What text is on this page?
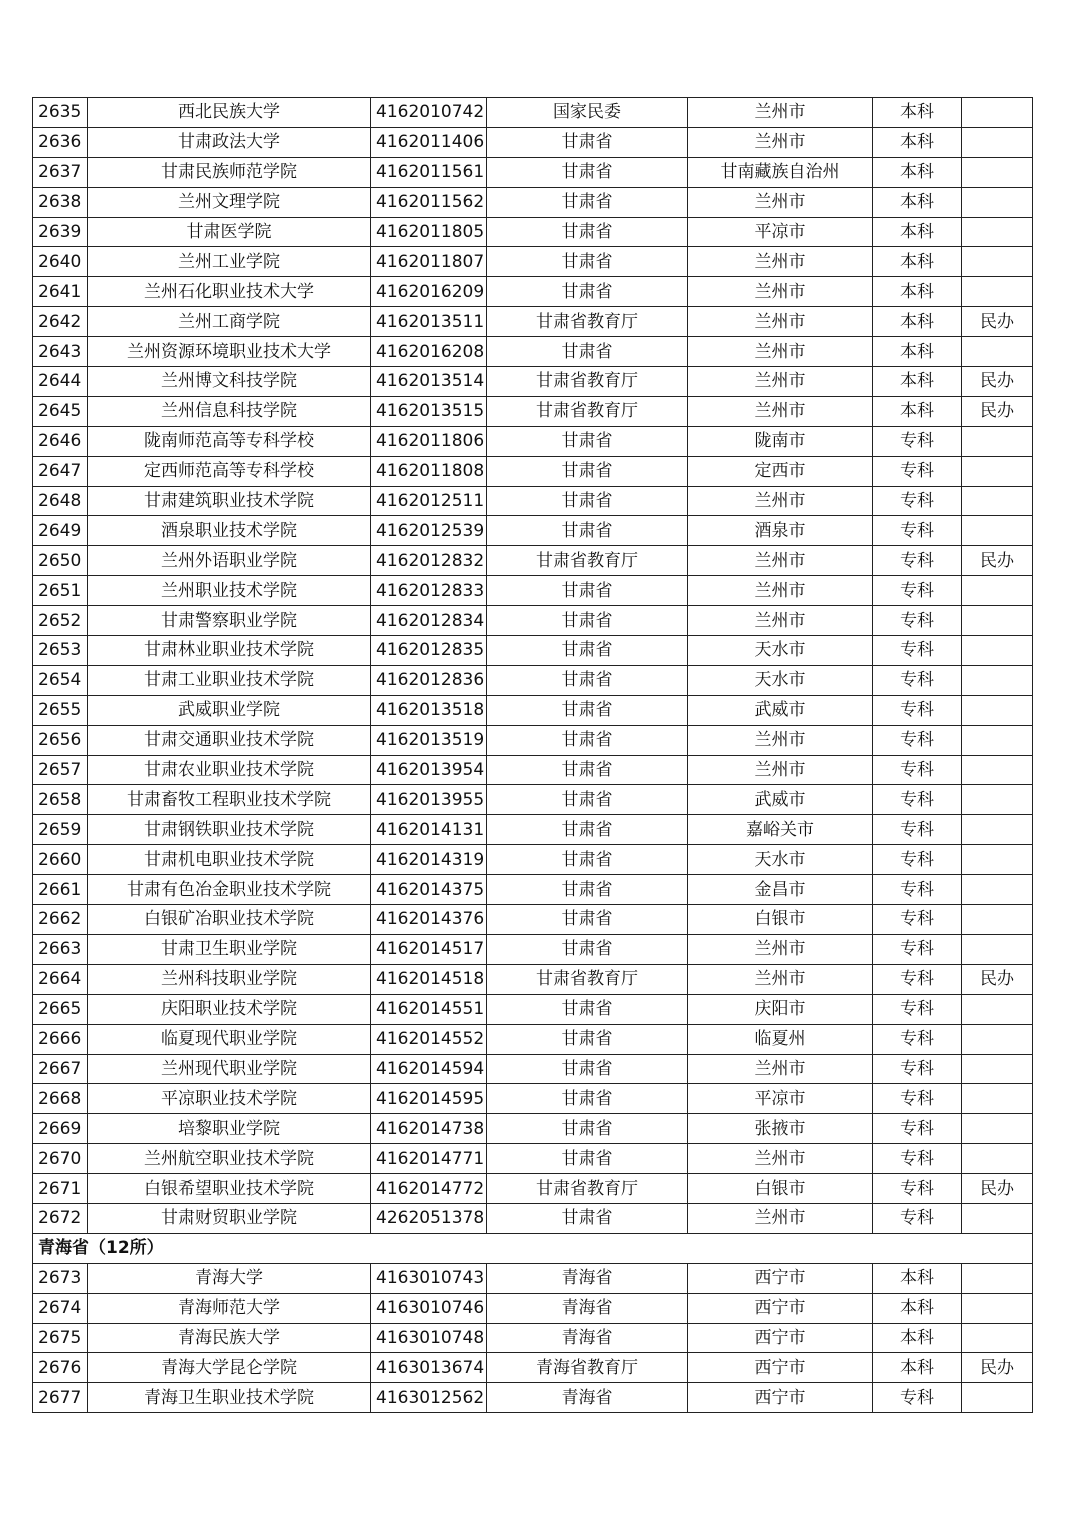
2635	西北民族大学	4162010742	国家民委	兰州市	本科	
2636	甘肃政法大学	4162011406	甘肃省	兰州市	本科	
2637	甘肃民族师范学院	4162011561	甘肃省	甘南藏族自治州	本科	
2638	兰州文理学院	4162011562	甘肃省	兰州市	本科	
2639	甘肃医学院	4162011805	甘肃省	平凉市	本科	
2640	兰州工业学院	4162011807	甘肃省	兰州市	本科	
2641	兰州石化职业技术大学	4162016209	甘肃省	兰州市	本科	
2642	兰州工商学院	4162013511	甘肃省教育厅	兰州市	本科	民办
2643	兰州资源环境职业技术大学	4162016208	甘肃省	兰州市	本科	
2644	兰州博文科技学院	4162013514	甘肃省教育厅	兰州市	本科	民办
2645	兰州信息科技学院	4162013515	甘肃省教育厅	兰州市	本科	民办
2646	陇南师范高等专科学校	4162011806	甘肃省	陇南市	专科	
2647	定西师范高等专科学校	4162011808	甘肃省	定西市	专科	
2648	甘肃建筑职业技术学院	4162012511	甘肃省	兰州市	专科	
2649	酒泉职业技术学院	4162012539	甘肃省	酒泉市	专科	
2650	兰州外语职业学院	4162012832	甘肃省教育厅	兰州市	专科	民办
2651	兰州职业技术学院	4162012833	甘肃省	兰州市	专科	
2652	甘肃警察职业学院	4162012834	甘肃省	兰州市	专科	
2653	甘肃林业职业技术学院	4162012835	甘肃省	天水市	专科	
2654	甘肃工业职业技术学院	4162012836	甘肃省	天水市	专科	
2655	武威职业学院	4162013518	甘肃省	武威市	专科	
2656	甘肃交通职业技术学院	4162013519	甘肃省	兰州市	专科	
2657	甘肃农业职业技术学院	4162013954	甘肃省	兰州市	专科	
2658	甘肃畜牧工程职业技术学院	4162013955	甘肃省	武威市	专科	
2659	甘肃钢铁职业技术学院	4162014131	甘肃省	嘉峪关市	专科	
2660	甘肃机电职业技术学院	4162014319	甘肃省	天水市	专科	
2661	甘肃有色冶金职业技术学院	4162014375	甘肃省	金昌市	专科	
2662	白银矿冶职业技术学院	4162014376	甘肃省	白银市	专科	
2663	甘肃卫生职业学院	4162014517	甘肃省	兰州市	专科	
2664	兰州科技职业学院	4162014518	甘肃省教育厅	兰州市	专科	民办
2665	庆阳职业技术学院	4162014551	甘肃省	庆阳市	专科	
2666	临夏现代职业学院	4162014552	甘肃省	临夏州	专科	
2667	兰州现代职业学院	4162014594	甘肃省	兰州市	专科	
2668	平凉职业技术学院	4162014595	甘肃省	平凉市	专科	
2669	培黎职业学院	4162014738	甘肃省	张掖市	专科	
2670	兰州航空职业技术学院	4162014771	甘肃省	兰州市	专科	
2671	白银希望职业技术学院	4162014772	甘肃省教育厅	白银市	专科	民办
2672	甘肃财贸职业学院	4262051378	甘肃省	兰州市	专科	
青海省（12所）						
2673	青海大学	4163010743	青海省	西宁市	本科	
2674	青海师范大学	4163010746	青海省	西宁市	本科	
2675	青海民族大学	4163010748	青海省	西宁市	本科	
2676	青海大学昆仑学院	4163013674	青海省教育厅	西宁市	本科	民办
2677	青海卫生职业技术学院	4163012562	青海省	西宁市	专科	
